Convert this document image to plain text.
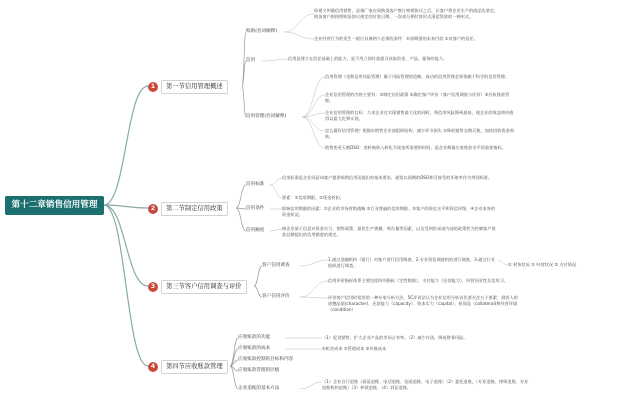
第十二章销售信用管理
1 第一节信用管理概述
赊销(名词解释)
信用
信用管理(名词解释)
赊销又叫做信用销售，是指厂家在同购货客户签订购销协议之后，让客户将企业生产的商品先拿走，购货客户则按照购货协议规定的付款日期，一次或分期付款形式清偿贷款的一种形式。
企业经营行为的发生一般应具备两个必须的条件：①预期望的未来付款 ②对客户的信任。
信用是建立在信任基础上的能力，是不用立即付款就可获取资金、产品、服务的能力。
信用管理（也称信用风险管理）属于风险管理的范畴，成功的信用管理必须依赖于科学的信用管理。
企业信用管理的内容主要有：①制定信用政策 ②确定客户评价（客户信用调查与评价）③应收账款管理。
企业信用管理的目标：力求企业在实现销售最大化的同时，将信用风险降到最低，使企业的效益和价值得以最大化和实现。
怎么做好信用管理？根据①销售企业部组织结构，减少环节损失 ②降低销售交期天数，加快回收资金周转。
销售变更天数DSO：逆转被收入转化为现金所需要的时间，是企业衡量应收账款水平的重要指标。
2 第二节制定信用政策
信用标准
信用条件
信用额度
信用标准是企业同意向客户提供赊销信用而提出的基本要求，通常以预期的DSO和可接受的坏账率作为判别标准。
要素：①信用期限、②现金折扣。
影响信用期限的因素：①企业的市场营销战略 ②行业普遍的信用期限、③客户的资信水平和资信评级、④企业本身的资金状况。
指企业基于信息对资金实力、销售政策、最优生产规模、库存量等因素，以及受到的承诺内部的政策性为控制客户贷款总额提出的信用额度的规定。
3 第三节客户信用调查与评价
客户信用调查
客户信用评价
1.通过金融机构（银行）对客户进行信用调查、2.专业资信调查机构进行调查、3.通过行业组织进行调查。	① 财务状况 ② 经营状况 ③ 支付情况
信用评价指标体系主要包括四项指标（定性数据），支付能力（还款能力），经营同业性及信用习。
评价客户信用时常用的一种专家分析方法，5C评价法认为企业信用分析首先要关注五个要素：借款人的道德品质(character)、还款能力（capacity）、资本实力（capital）、担保品（collateral)和经营环境（condition）
4 第四节应收账款管理
应收账款的功能
应收账款的成本
应收账款控制的目标和内容
应收账款管理的层级
企业追账的基本方法
（1）促进销售、扩大企业产品的市场占有率。（2）减少存货，降低财务风险。
①机会成本 ②管理成本 ③坏账成本
（1）企业自行追账（面谈追账、电话追账、信函追账、电子追账）（2）委托追账，（专业追账、律师追账、专业追账机构追账）（3）仲裁追账、（4）诉讼追账。
